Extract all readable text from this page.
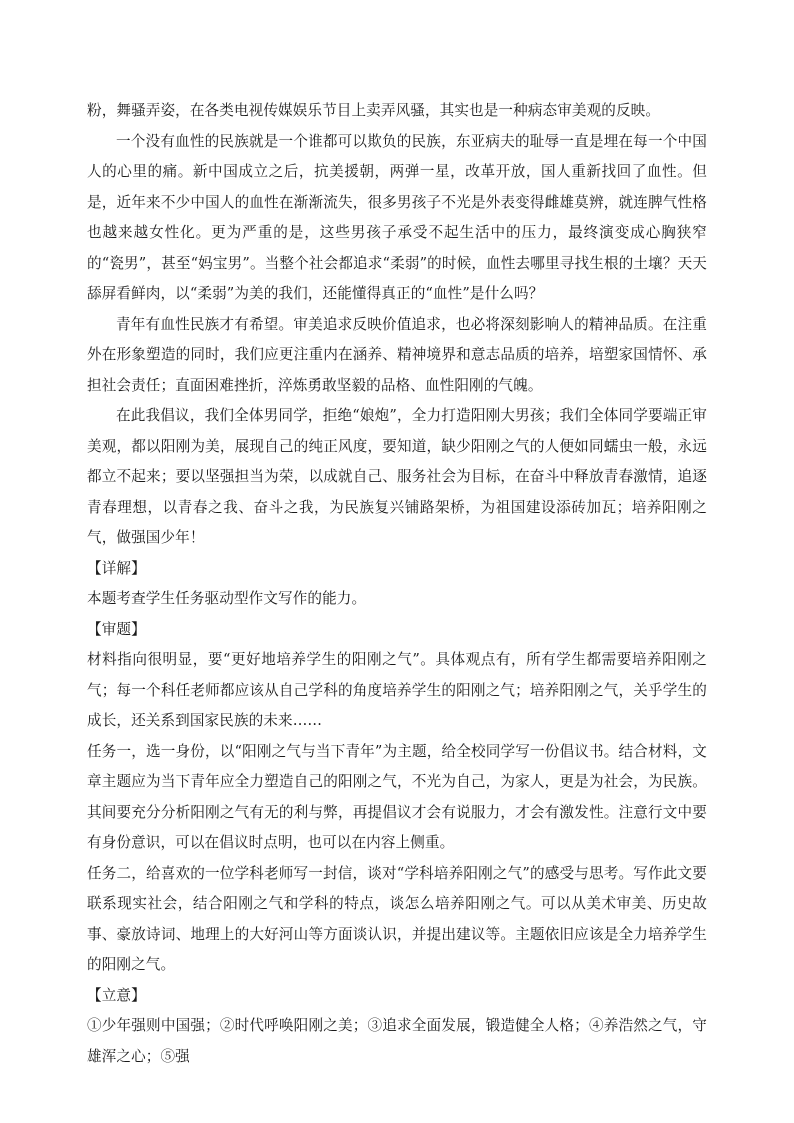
粉，舞骚弄姿，在各类电视传媒娱乐节目上卖弄风骚，其实也是一种病态审美观的反映。

一个没有血性的民族就是一个谁都可以欺负的民族，东亚病夫的耻辱一直是埋在每一个中国人的心里的痛。新中国成立之后，抗美援朝，两弹一星，改革开放，国人重新找回了血性。但是，近年来不少中国人的血性在渐渐流失，很多男孩子不光是外表变得雌雄莫辨，就连脾气性格也越来越女性化。更为严重的是，这些男孩子承受不起生活中的压力，最终演变成心胸狭窄的“瓷男”，甚至“妈宝男”。当整个社会都追求“柔弱”的时候，血性去哪里寻找生根的土壤？天天舔屏看鲜肉，以“柔弱”为美的我们，还能懂得真正的“血性”是什么吗？

青年有血性民族才有希望。审美追求反映价值追求，也必将深刻影响人的精神品质。在注重外在形象塑造的同时，我们应更注重内在涵养、精神境界和意志品质的培养，培塑家国情怀、承担社会责任；直面困难挫折，淬炼勇敢坚毅的品格、血性阳刚的气魄。

在此我倡议，我们全体男同学，拒绝“娘炮”，全力打造阳刚大男孩；我们全体同学要端正审美观，都以阳刚为美，展现自己的纯正风度，要知道，缺少阳刚之气的人便如同蠕虫一般，永远都立不起来；要以坚强担当为荣，以成就自己、服务社会为目标，在奋斗中释放青春激情，追逐青春理想，以青春之我、奋斗之我，为民族复兴铺路架桥，为祖国建设添砖加瓦；培养阳刚之气，做强国少年！

【详解】

本题考查学生任务驱动型作文写作的能力。

【审题】

材料指向很明显，要“更好地培养学生的阳刚之气”。具体观点有，所有学生都需要培养阳刚之气；每一个科任老师都应该从自己学科的角度培养学生的阳刚之气；培养阳刚之气，关乎学生的成长，还关系到国家民族的未来……

任务一，选一身份，以“阳刚之气与当下青年”为主题，给全校同学写一份倡议书。结合材料，文章主题应为当下青年应全力塑造自己的阳刚之气，不光为自己，为家人，更是为社会，为民族。其间要充分分析阳刚之气有无的利与弊，再提倡议才会有说服力，才会有激发性。注意行文中要有身份意识，可以在倡议时点明，也可以在内容上侧重。

任务二，给喜欢的一位学科老师写一封信，谈对“学科培养阳刚之气”的感受与思考。写作此文要联系现实社会，结合阳刚之气和学科的特点，谈怎么培养阳刚之气。可以从美术审美、历史故事、豪放诗词、地理上的大好河山等方面谈认识，并提出建议等。主题依旧应该是全力培养学生的阳刚之气。

【立意】

①少年强则中国强；②时代呼唤阳刚之美；③追求全面发展，锻造健全人格；④养浩然之气，守雄浑之心；⑤强
